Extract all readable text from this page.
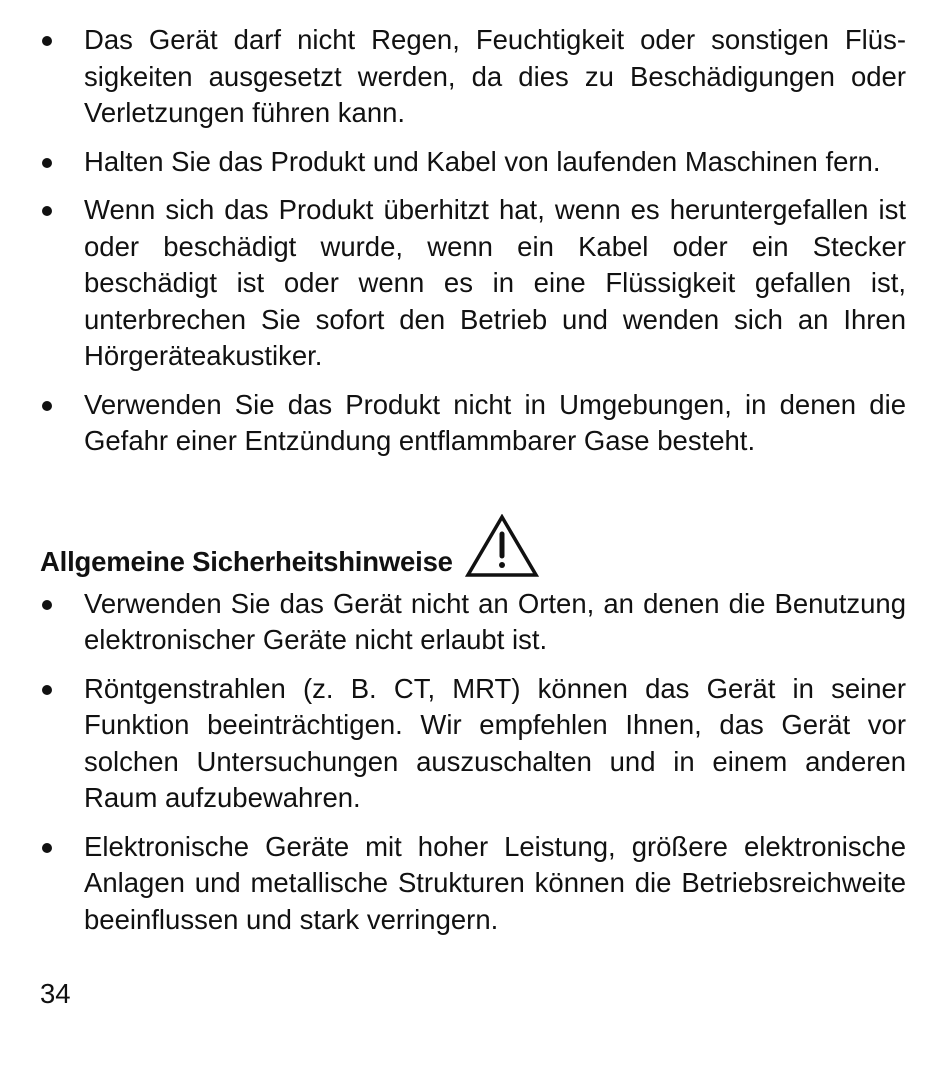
Das Gerät darf nicht Regen, Feuchtigkeit oder sonstigen Flüssigkeiten ausgesetzt werden, da dies zu Beschädigungen oder Verletzungen führen kann.
Halten Sie das Produkt und Kabel von laufenden Maschinen fern.
Wenn sich das Produkt überhitzt hat, wenn es heruntergefallen ist oder beschädigt wurde, wenn ein Kabel oder ein Stecker beschädigt ist oder wenn es in eine Flüssigkeit gefallen ist, unterbrechen Sie sofort den Betrieb und wenden sich an Ihren Hörgeräteakustiker.
Verwenden Sie das Produkt nicht in Umgebungen, in denen die Gefahr einer Entzündung entflammbarer Gase besteht.
Allgemeine Sicherheitshinweise
Verwenden Sie das Gerät nicht an Orten, an denen die Benutzung elektronischer Geräte nicht erlaubt ist.
Röntgenstrahlen (z. B. CT, MRT) können das Gerät in seiner Funktion beeinträchtigen. Wir empfehlen Ihnen, das Gerät vor solchen Untersuchungen auszuschalten und in einem anderen Raum aufzubewahren.
Elektronische Geräte mit hoher Leistung, größere elektronische Anlagen und metallische Strukturen können die Betriebsreichweite beeinflussen und stark verringern.

34
